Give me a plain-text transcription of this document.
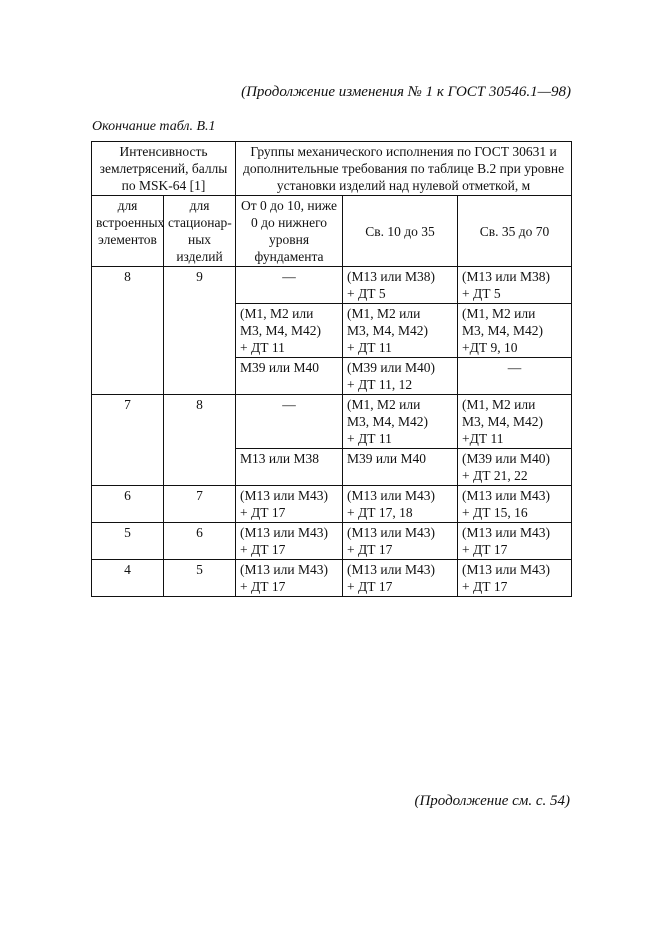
(Продолжение изменения № 1 к ГОСТ 30546.1—98)
Окончание табл. В.1
Интенсивность землетрясений, баллы по MSK-64 [1]		Группы механического исполнения по ГОСТ 30631 и дополнительные требования по таблице В.2 при уровне установки изделий над нулевой отметкой, м		
для встроенных элементов	для стационар-ных изделий	От 0 до 10, ниже 0 до нижнего уровня фундамента	Св. 10 до 35	Св. 35 до 70
8	9	—	(M13 или M38)
+ ДТ 5	(M13 или M38)
+ ДТ 5

		(M1, M2 или
M3, M4, M42)
+ ДТ 11	(M1, M2 или
M3, M4, M42)
+ ДТ 11	(M1, M2 или
M3, M4, M42)
+ДТ 9, 10

		M39 или M40	(M39 или M40)
+ ДТ 11, 12	—
7	8	—	(M1, M2 или
M3, M4, M42)
+ ДТ 11	(M1, M2 или
M3, M4, M42)
+ДТ 11

		M13 или M38	M39 или M40	(M39 или M40)
+ ДТ 21, 22

6	7	(M13 или M43)
+ ДТ 17	(M13 или M43)
+ ДТ 17, 18	(M13 или M43)
+ ДТ 15, 16

5	6	(M13 или M43)
+ ДТ 17	(M13 или M43)
+ ДТ 17	(M13 или M43)
+ ДТ 17

4	5	(M13 или M43)
+ ДТ 17	(M13 или M43)
+ ДТ 17	(M13 или M43)
+ ДТ 17
(Продолжение см. с. 54)
